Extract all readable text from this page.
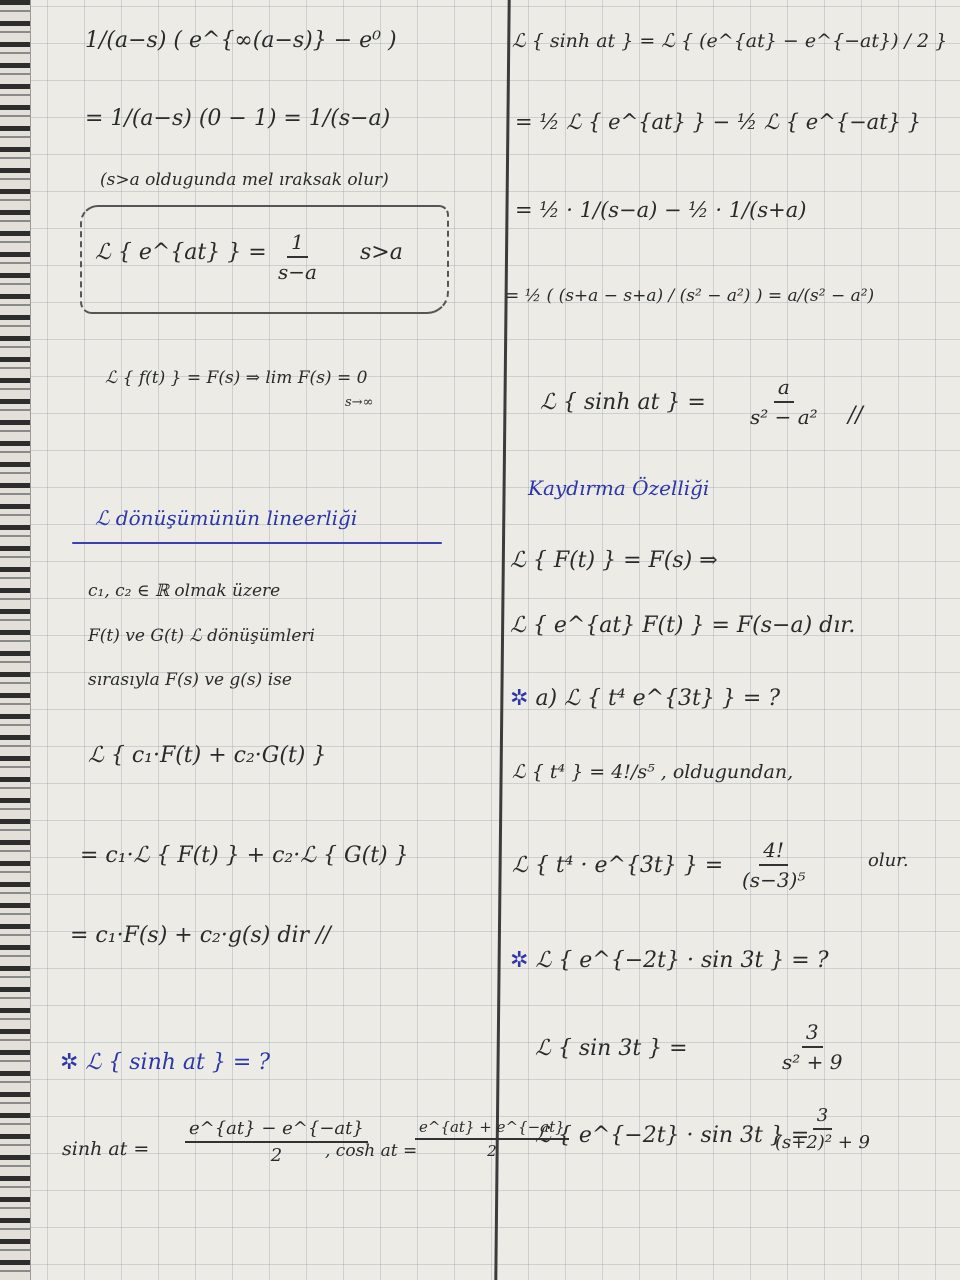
1/(a−s) ( e^{∞(a−s)} − e⁰ )
= 1/(a−s) (0 − 1) = 1/(s−a)
(s>a oldugunda mel ıraksak olur)
ℒ { e^{at} } = $\frac{1}{s-a} s>a$
ℒ { f(t) } = F(s) ⇒ lim F(s) = 0
s→∞
ℒ dönüşümünün lineerliği
c₁, c₂ ∈ ℝ olmak üzere
F(t) ve G(t) ℒ dönüşümleri
sırasıyla F(s) ve g(s) ise
ℒ { c₁·F(t) + c₂·G(t) }
= c₁·ℒ { F(t) } + c₂·ℒ { G(t) }
= c₁·F(s) + c₂·g(s) dir //
✲ ℒ { sinh at } = ?
sinh at = $\frac{e\^{}\{at\} - e\^{}\{-at\}}{2}$
, cosh at =
$\frac{e\^{}\{at\} + e\^{}\{-at\}}{2}$
ℒ { sinh at } = ℒ { (e^{at} − e^{−at}) / 2 }
= ½ ℒ { e^{at} } − ½ ℒ { e^{−at} }
= ½ · 1/(s−a) − ½ · 1/(s+a)
= ½ ( (s+a − s+a) / (s² − a²) ) = a/(s² − a²)
ℒ { sinh at } = $\frac{a}{\text{s² − a²}}$ //
Kaydırma Özelliği
ℒ { F(t) } = F(s) ⇒
ℒ { e^{at} F(t) } = F(s−a) dır.
✲ a) ℒ { t⁴ e^{3t} } = ?
ℒ { t⁴ } = 4!/s⁵ , oldugundan,
ℒ { t⁴ · e^{3t} } = $\frac{4!}{\text{(s−3)⁵}}$	olur.
✲ ℒ { e^{−2t} · sin 3t } = ?
ℒ { sin 3t } =	$\frac{3}{\text{s² + 9}}$
ℒ { e^{−2t} · sin 3t } =
$\frac{3}{\text{(s+2)² + 9}}$
